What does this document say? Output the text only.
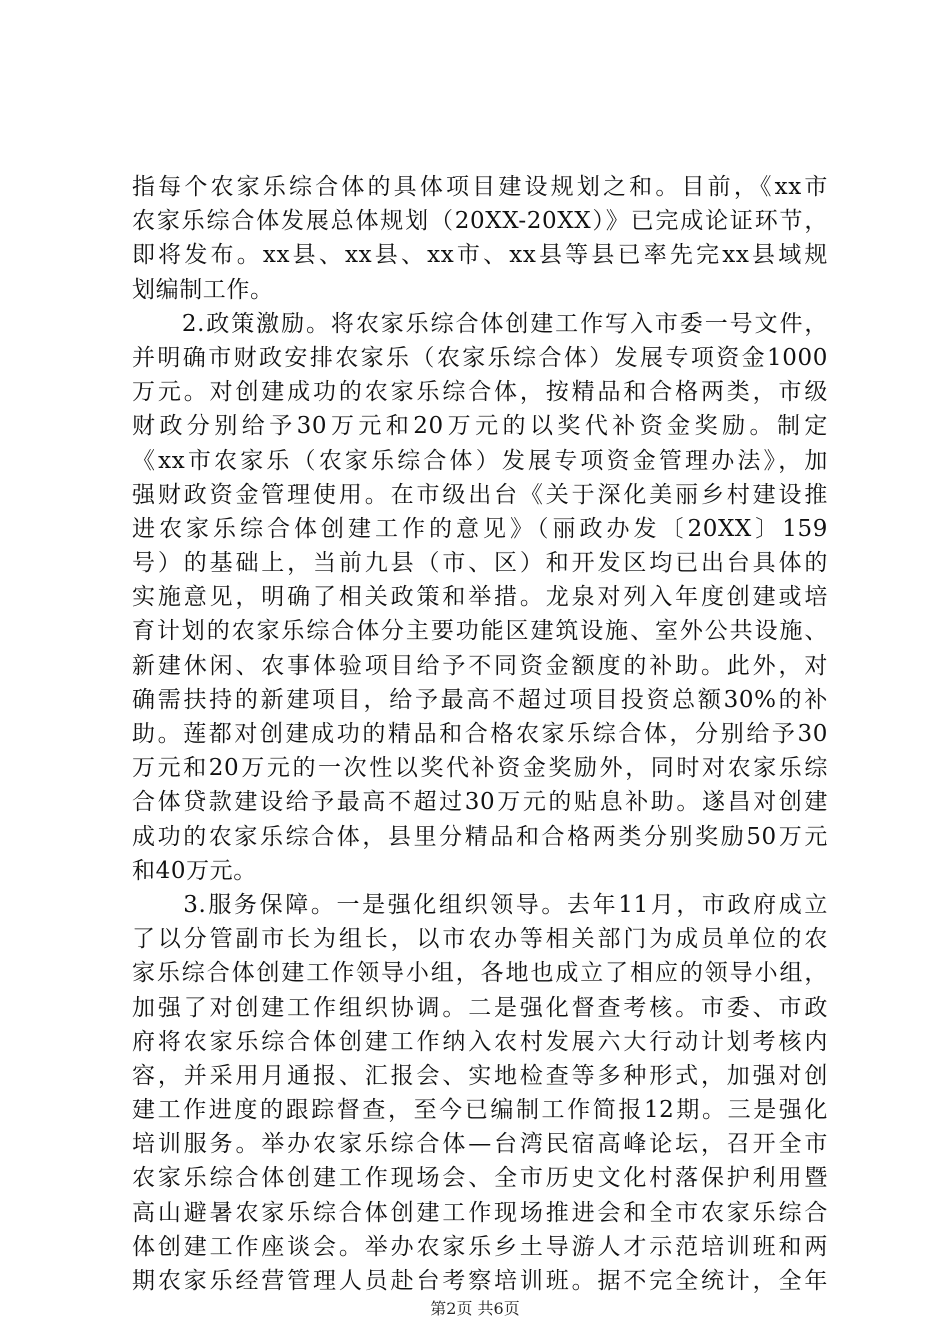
指每个农家乐综合体的具体项目建设规划之和。目前，《xx市
农家乐综合体发展总体规划（20XX-20XX）》已完成论证环节，
即将发布。xx县、xx县、xx市、xx县等县已率先完xx县域规
划编制工作。
　　2.政策激励。将农家乐综合体创建工作写入市委一号文件，
并明确市财政安排农家乐（农家乐综合体）发展专项资金1000
万元。对创建成功的农家乐综合体，按精品和合格两类，市级
财政分别给予30万元和20万元的以奖代补资金奖励。制定
《xx市农家乐（农家乐综合体）发展专项资金管理办法》，加
强财政资金管理使用。在市级出台《关于深化美丽乡村建设推
进农家乐综合体创建工作的意见》（丽政办发〔20XX〕159
号）的基础上，当前九县（市、区）和开发区均已出台具体的
实施意见，明确了相关政策和举措。龙泉对列入年度创建或培
育计划的农家乐综合体分主要功能区建筑设施、室外公共设施、
新建休闲、农事体验项目给予不同资金额度的补助。此外，对
确需扶持的新建项目，给予最高不超过项目投资总额30%的补
助。莲都对创建成功的精品和合格农家乐综合体，分别给予30
万元和20万元的一次性以奖代补资金奖励外，同时对农家乐综
合体贷款建设给予最高不超过30万元的贴息补助。遂昌对创建
成功的农家乐综合体，县里分精品和合格两类分别奖励50万元
和40万元。
　　3.服务保障。一是强化组织领导。去年11月，市政府成立
了以分管副市长为组长，以市农办等相关部门为成员单位的农
家乐综合体创建工作领导小组，各地也成立了相应的领导小组，
加强了对创建工作组织协调。二是强化督查考核。市委、市政
府将农家乐综合体创建工作纳入农村发展六大行动计划考核内
容，并采用月通报、汇报会、实地检查等多种形式，加强对创
建工作进度的跟踪督查，至今已编制工作简报12期。三是强化
培训服务。举办农家乐综合体—台湾民宿高峰论坛，召开全市
农家乐综合体创建工作现场会、全市历史文化村落保护利用暨
高山避暑农家乐综合体创建工作现场推进会和全市农家乐综合
体创建工作座谈会。举办农家乐乡土导游人才示范培训班和两
期农家乐经营管理人员赴台考察培训班。据不完全统计，全年
第2页 共6页
